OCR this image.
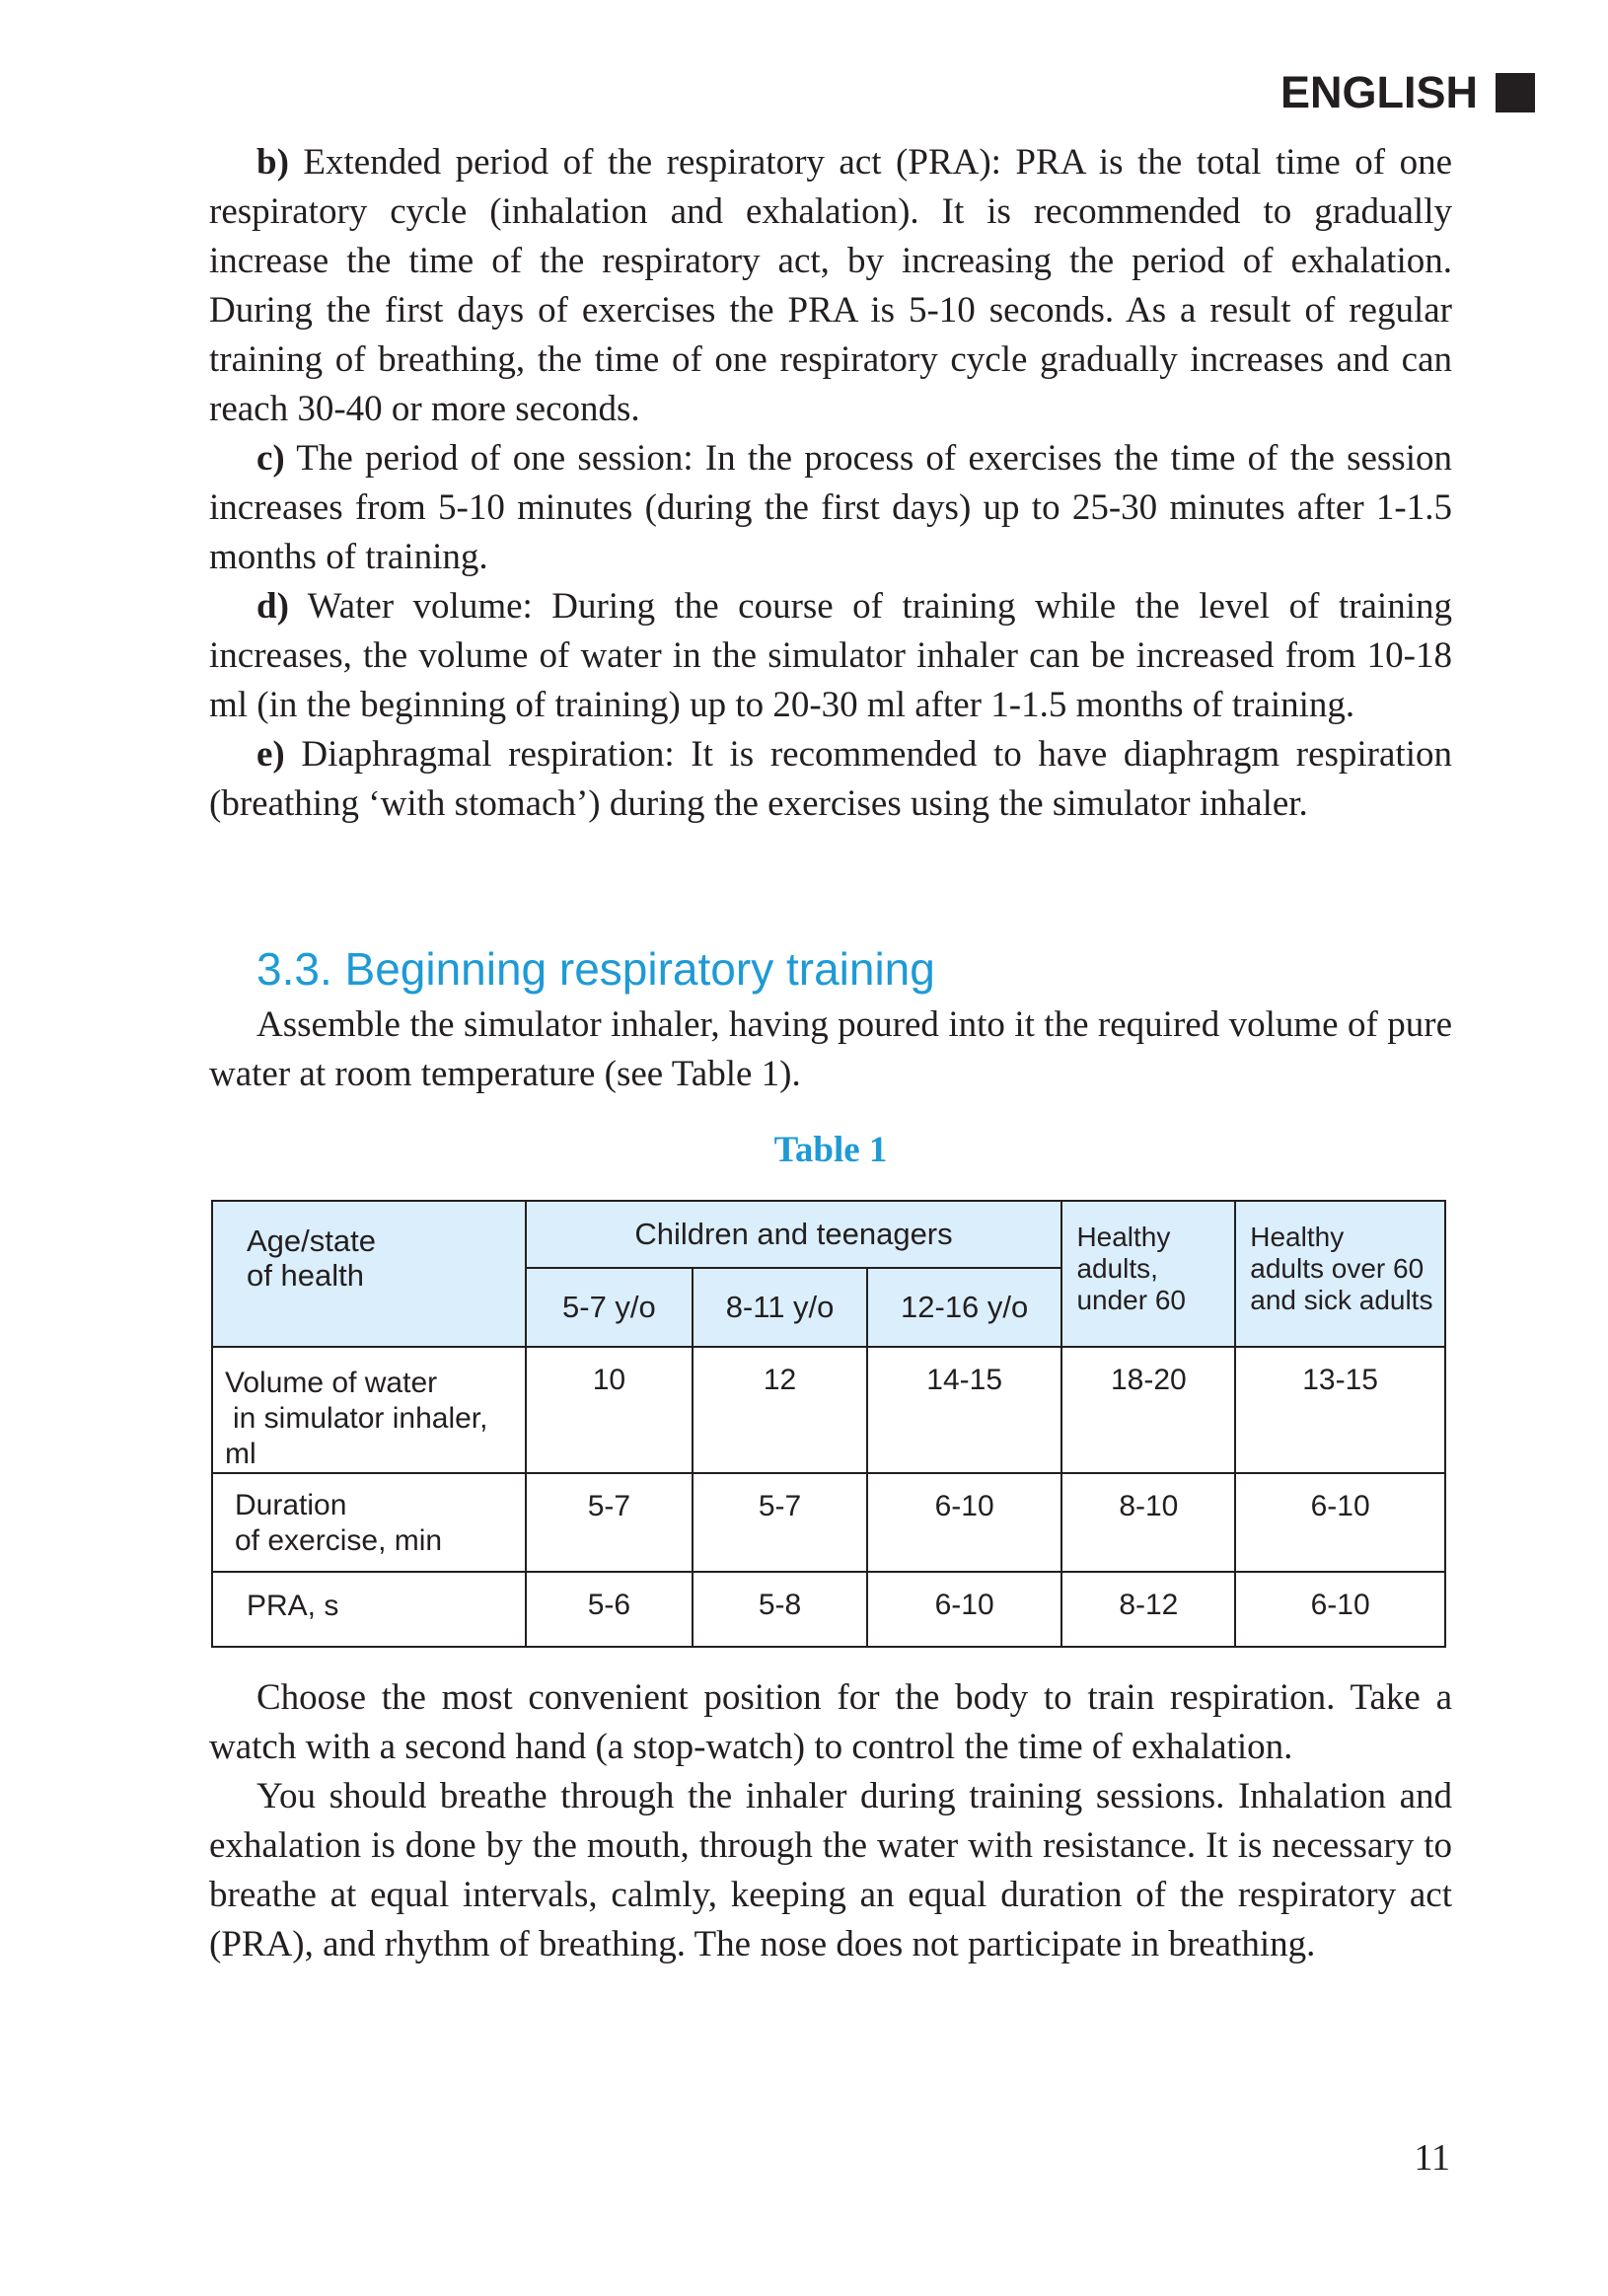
ENGLISH

b) Extended period of the respiratory act (PRA): PRA is the total time of one respiratory cycle (inhalation and exhalation). It is recommended to gradually increase the time of the respiratory act, by increasing the period of exhalation. During the first days of exercises the PRA is 5-10 seconds. As a result of regular training of breathing, the time of one respiratory cycle gradually increases and can reach 30-40 or more seconds.

c) The period of one session: In the process of exercises the time of the session increases from 5-10 minutes (during the first days) up to 25-30 minutes after 1-1.5 months of training.

d) Water volume: During the course of training while the level of training increases, the volume of water in the simulator inhaler can be increased from 10-18 ml (in the beginning of training) up to 20-30 ml after 1-1.5 months of training.

e) Diaphragmal respiration: It is recommended to have diaphragm respiration (breathing ‘with stomach’) during the exercises using the simulator inhaler.

3.3. Beginning respiratory training

Assemble the simulator inhaler, having poured into it the required volume of pure water at room temperature (see Table 1).

Table 1
Age/state
of health	Children and teenagers			Healthy
adults,
under 60	Healthy
adults over 60
and sick adults
	5-7 y/o	8-11 y/o	12-16 y/o		
Volume of water
in simulator inhaler, ml	10	12	14-15	18-20	13-15
Duration
of exercise, min	5-7	5-7	6-10	8-10	6-10
PRA, s	5-6	5-8	6-10	8-12	6-10

Choose the most convenient position for the body to train respiration. Take a watch with a second hand (a stop-watch) to control the time of exhalation.

You should breathe through the inhaler during training sessions. Inhalation and exhalation is done by the mouth, through the water with resistance. It is necessary to breathe at equal intervals, calmly, keeping an equal duration of the respiratory act (PRA), and rhythm of breathing. The nose does not participate in breathing.

11
